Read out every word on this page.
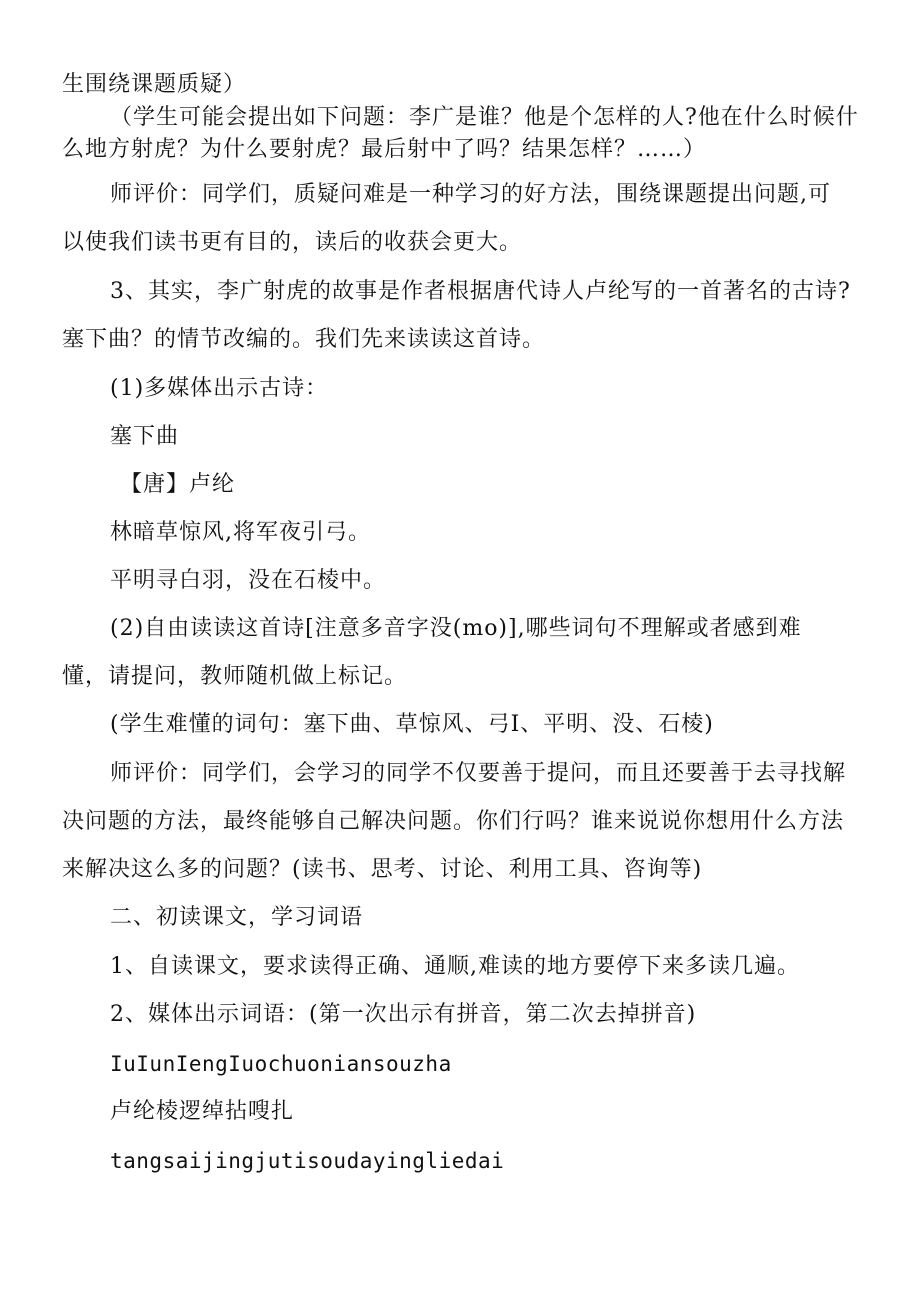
生围绕课题质疑）
（学生可能会提出如下问题：李广是谁？他是个怎样的人?他在什么时候什
么地方射虎？为什么要射虎？最后射中了吗？结果怎样？……）
师评价：同学们，质疑问难是一种学习的好方法，围绕课题提出问题,可
以使我们读书更有目的，读后的收获会更大。
3、其实，李广射虎的故事是作者根据唐代诗人卢纶写的一首著名的古诗?
塞下曲？的情节改编的。我们先来读读这首诗。
(1)多媒体出示古诗：
塞下曲
【唐】卢纶
林暗草惊风,将军夜引弓。
平明寻白羽，没在石棱中。
(2)自由读读这首诗[注意多音字没(mo)],哪些词句不理解或者感到难
懂，请提问，教师随机做上标记。
(学生难懂的词句：塞下曲、草惊风、弓I、平明、没、石棱)
师评价：同学们，会学习的同学不仅要善于提问，而且还要善于去寻找解
决问题的方法，最终能够自己解决问题。你们行吗？谁来说说你想用什么方法
来解决这么多的问题？(读书、思考、讨论、利用工具、咨询等)
二、初读课文，学习词语
1、自读课文，要求读得正确、通顺,难读的地方要停下来多读几遍。
2、媒体出示词语：(第一次出示有拼音，第二次去掉拼音)
IuIunIengIuochuoniansouzha
卢纶棱逻绰拈嗖扎
tangsaijingjutisoudayingliedai
